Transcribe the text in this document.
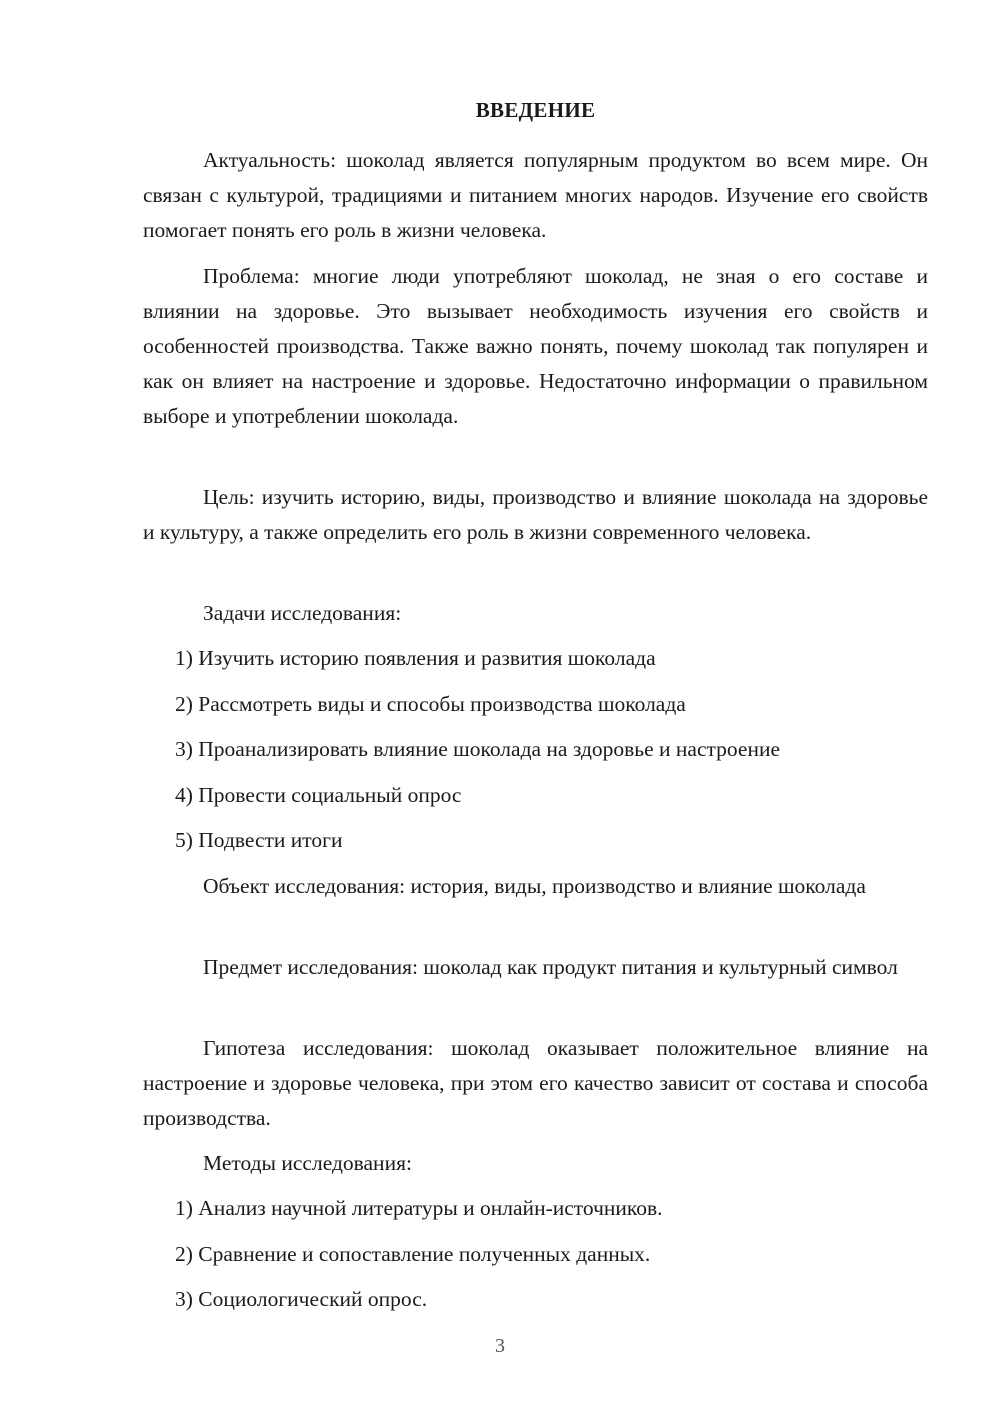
ВВЕДЕНИЕ

Актуальность: шоколад является популярным продуктом во всем мире. Он связан с культурой, традициями и питанием многих народов. Изучение его свойств помогает понять его роль в жизни человека.

Проблема: многие люди употребляют шоколад, не зная о его составе и влиянии на здоровье. Это вызывает необходимость изучения его свойств и особенностей производства. Также важно понять, почему шоколад так популярен и как он влияет на настроение и здоровье. Недостаточно информации о правильном выборе и употреблении шоколада.

Цель: изучить историю, виды, производство и влияние шоколада на здоровье и культуру, а также определить его роль в жизни современного человека.

Задачи исследования:

1) Изучить историю появления и развития шоколада

2) Рассмотреть виды и способы производства шоколада

3) Проанализировать влияние шоколада на здоровье и настроение

4) Провести социальный опрос

5) Подвести итоги

Объект исследования: история, виды, производство и влияние шоколада

Предмет исследования: шоколад как продукт питания и культурный символ

Гипотеза исследования: шоколад оказывает положительное влияние на настроение и здоровье человека, при этом его качество зависит от состава и способа производства.

Методы исследования:

1) Анализ научной литературы и онлайн-источников.

2) Сравнение и сопоставление полученных данных.

3) Социологический опрос.

3
